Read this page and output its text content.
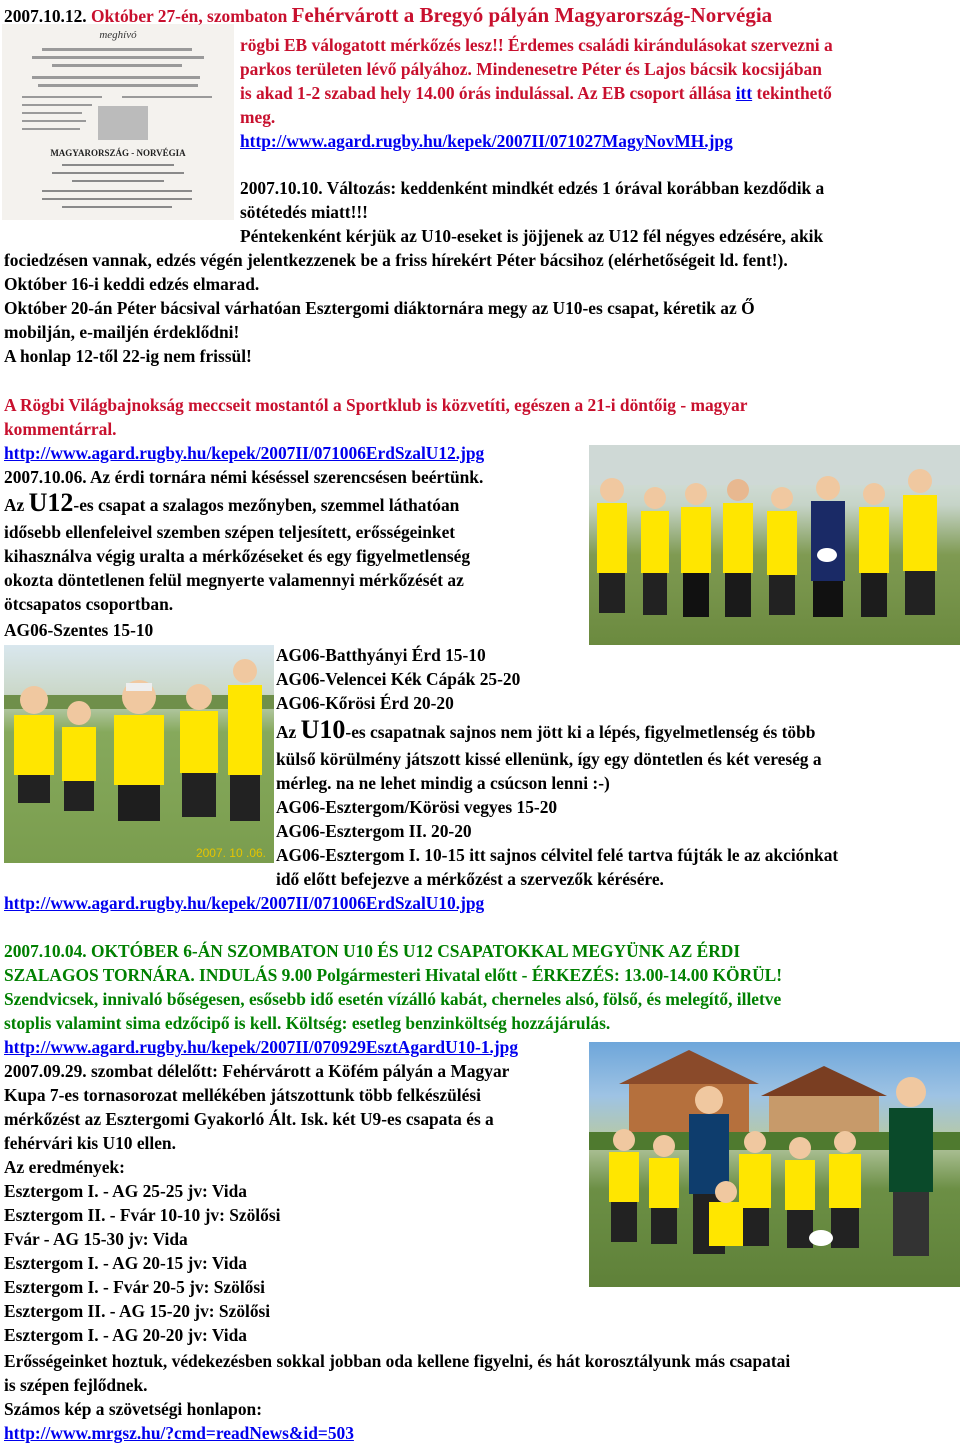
meghívó
MAGYARORSZÁG - NORVÉGIA

2007.10.12. Október 27-én, szombaton Fehérvárott a Bregyó pályán Magyarország-Norvégia

rögbi EB válogatott mérkőzés lesz!! Érdemes családi kirándulásokat szervezni a

parkos területen lévő pályához. Mindenesetre Péter és Lajos bácsik kocsijában

is akad 1-2 szabad hely 14.00 órás indulással. Az EB csoport állása itt tekinthető

meg.

http://www.agard.rugby.hu/kepek/2007II/071027MagyNovMH.jpg

2007.10.10. Változás: keddenként mindkét edzés 1 órával korábban kezdődik a

sötétedés miatt!!!

Péntekenként kérjük az U10-eseket is jöjjenek az U12 fél négyes edzésére, akik

fociedzésen vannak, edzés végén jelentkezzenek be a friss hírekért Péter bácsihoz (elérhetőségeit ld. fent!).

Október 16-i keddi edzés elmarad.

Október 20-án Péter bácsival várhatóan Esztergomi diáktornára megy az U10-es csapat, kéretik az Ő

mobilján, e-mailjén érdeklődni!

A honlap 12-től 22-ig nem frissül!

A Rögbi Világbajnokság meccseit mostantól a Sportklub is közvetíti, egészen a 21-i döntőig - magyar

kommentárral.

http://www.agard.rugby.hu/kepek/2007II/071006ErdSzalU12.jpg

2007.10.06. Az érdi tornára némi késéssel szerencsésen beértünk.

Az U12-es csapat a szalagos mezőnyben, szemmel láthatóan

idősebb ellenfeleivel szemben szépen teljesített, erősségeinket

kihasználva végig uralta a mérkőzéseket és egy figyelmetlenség

okozta döntetlenen felül megnyerte valamennyi mérkőzését az

ötcsapatos csoportban.

AG06-Szentes 15-10

2007. 10 .06.

AG06-Batthyányi Érd 15-10

AG06-Velencei Kék Cápák 25-20

AG06-Kőrösi Érd 20-20

Az U10-es csapatnak sajnos nem jött ki a lépés, figyelmetlenség és több

külső körülmény játszott kissé ellenünk, így egy döntetlen és két vereség a

mérleg. na ne lehet mindig a csúcson lenni :-)

AG06-Esztergom/Körösi vegyes 15-20

AG06-Esztergom II. 20-20

AG06-Esztergom I. 10-15 itt sajnos célvitel felé tartva fújták le az akciónkat

idő előtt befejezve a mérkőzést a szervezők kérésére.

http://www.agard.rugby.hu/kepek/2007II/071006ErdSzalU10.jpg

2007.10.04. OKTÓBER 6-ÁN SZOMBATON U10 ÉS U12 CSAPATOKKAL MEGYÜNK AZ ÉRDI

SZALAGOS TORNÁRA. INDULÁS 9.00 Polgármesteri Hivatal előtt - ÉRKEZÉS: 13.00-14.00 KÖRÜL!

Szendvicsek, innivaló bőségesen, esősebb idő esetén vízálló kabát, cherneles alsó, fölső, és melegítő, illetve

stoplis valamint sima edzőcipő is kell. Költség: esetleg benzinköltség hozzájárulás.

http://www.agard.rugby.hu/kepek/2007II/070929EsztAgardU10-1.jpg

2007.09.29. szombat délelőtt: Fehérvárott a Köfém pályán a Magyar

Kupa 7-es tornasorozat mellékében játszottunk több felkészülési

mérkőzést az Esztergomi Gyakorló Ált. Isk. két U9-es csapata és a

fehérvári kis U10 ellen.

Az eredmények:

Esztergom I. - AG 25-25 jv: Vida

Esztergom II. - Fvár 10-10 jv: Szölősi

Fvár - AG 15-30 jv: Vida

Esztergom I. - AG 20-15 jv: Vida

Esztergom I. - Fvár 20-5 jv: Szölősi

Esztergom II. - AG 15-20 jv: Szölősi

Esztergom I. - AG 20-20 jv: Vida

Erősségeinket hoztuk, védekezésben sokkal jobban oda kellene figyelni, és hát korosztályunk más csapatai

is szépen fejlődnek.

Számos kép a szövetségi honlapon:

http://www.mrgsz.hu/?cmd=readNews&id=503
